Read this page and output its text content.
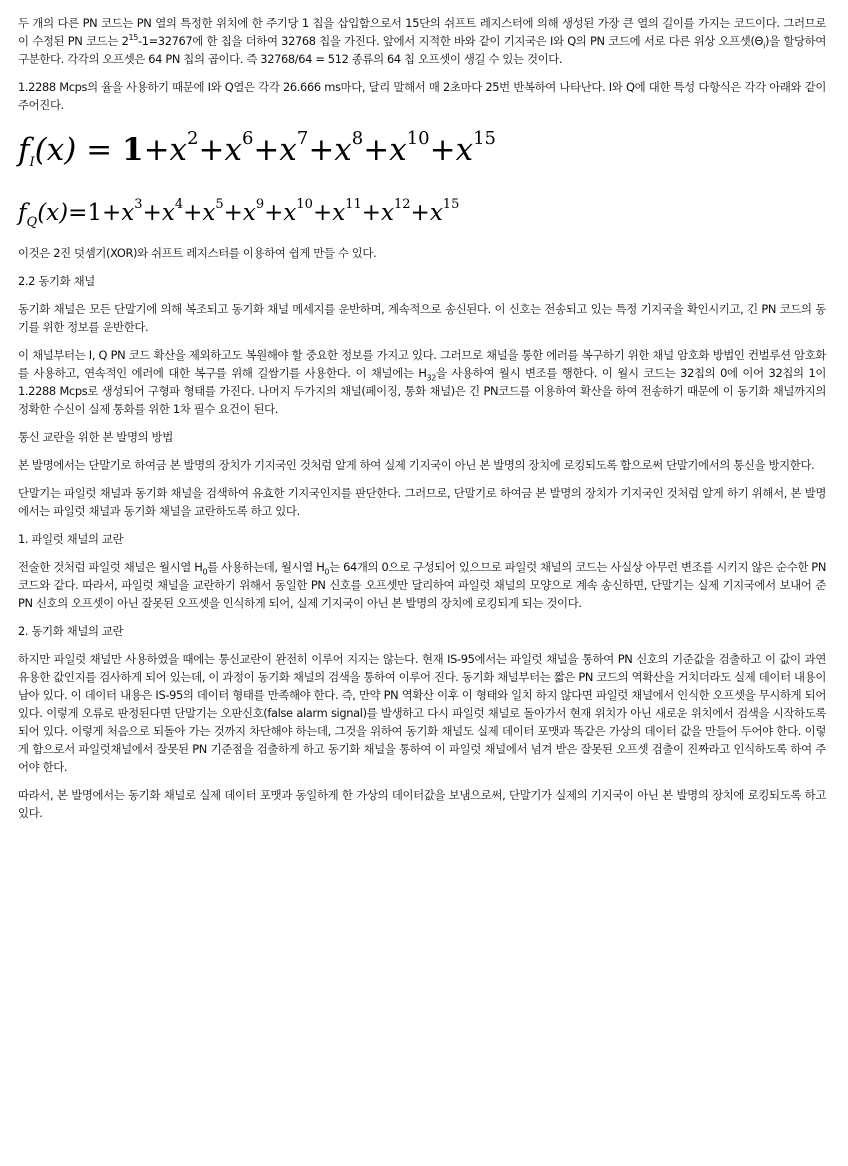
두 개의 다른 PN 코드는 PN 열의 특정한 위치에 한 주기당 1 칩을 삽입함으로서 15단의 쉬프트 레지스터에 의해 생성된 가장 큰 열의 길이를 가지는 코드이다. 그러므로 이 수정된 PN 코드는 $2^{15}-1=32767$에 한 칩을 더하여 32768 칩을 가진다. 앞에서 지적한 바와 같이 기지국은 I와 Q의 PN 코드에 서로 다른 위상 오프셋$(\Theta_i)$을 할당하여 구분한다. 각각의 오프셋은 64 PN 칩의 곱이다. 즉 32768/64 = 512 종류의 64 칩 오프셋이 생길 수 있는 것이다.

1.2288 Mcps의 율을 사용하기 때문에 I와 Q열은 각각 26.666 ms마다, 달리 말해서 매 2초마다 25번 반복하여 나타난다. I와 Q에 대한 특성 다항식은 각각 아래와 같이 주어진다.

$fI(x) = 1+x^2+x^6+x^7+x^8+x^{10}+x^{15}$
$f_Q(x)=1+x^3+x^4+x^5+x^9+x^{10}+x^{11}+x^{12}+x^{15}$

이것은 2진 덧셈기(XOR)와 쉬프트 레지스터를 이용하여 쉽게 만들 수 있다.

2.2 동기화 채널

동기화 채널은 모든 단말기에 의해 복조되고 동기화 채널 메세지를 운반하며, 계속적으로 송신된다. 이 신호는 전송되고 있는 특정 기지국을 확인시키고, 긴 PN 코드의 동기를 위한 정보를 운반한다.

이 채널부터는 I, Q PN 코드 확산을 제외하고도 복원해야 할 중요한 정보를 가지고 있다. 그러므로 채널을 통한 에러를 복구하기 위한 채널 암호화 방법인 컨벌루션 암호화를 사용하고, 연속적인 에러에 대한 복구를 위해 길쌈기를 사용한다. 이 채널에는 $H_{32}$을 사용하여 월시 변조를 행한다. 이 월시 코드는 32칩의 0에 이어 32칩의 1이 1.2288 Mcps로 생성되어 구형파 형태를 가진다. 나머지 두가지의 채널(페이징, 통화 채널)은 긴 PN코드를 이용하여 확산을 하여 전송하기 때문에 이 동기화 채널까지의 정확한 수신이 실제 통화를 위한 1차 필수 요건이 된다.

통신 교란을 위한 본 발명의 방법

본 발명에서는 단말기로 하여금 본 발명의 장치가 기지국인 것처럼 알게 하여 실제 기지국이 아닌 본 발명의 장치에 로킹되도록 함으로써 단말기에서의 통신을 방지한다.

단말기는 파일럿 채널과 동기화 채널을 검색하여 유효한 기지국인지를 판단한다. 그러므로, 단말기로 하여금 본 발명의 장치가 기지국인 것처럼 알게 하기 위해서, 본 발명에서는 파일럿 채널과 동기화 채널을 교란하도록 하고 있다.

1. 파일럿 채널의 교란

전술한 것처럼 파일럿 채널은 월시열 $H_0$를 사용하는데, 월시열 $H_0$는 64개의 0으로 구성되어 있으므로 파일럿 채널의 코드는 사실상 아무런 변조를 시키지 않은 순수한 PN 코드와 같다. 따라서, 파일럿 채널을 교란하기 위해서 동일한 PN 신호를 오프셋만 달리하여 파일럿 채널의 모양으로 계속 송신하면, 단말기는 실제 기지국에서 보내어 준 PN 신호의 오프셋이 아닌 잘못된 오프셋을 인식하게 되어, 실제 기지국이 아닌 본 발명의 장치에 로킹되게 되는 것이다.

2. 동기화 채널의 교란

하지만 파일럿 채널만 사용하였을 때에는 통신교란이 완전히 이루어 지지는 않는다. 현재 IS-95에서는 파일럿 채널을 통하여 PN 신호의 기준값을 검출하고 이 값이 과연 유용한 값인지를 검사하게 되어 있는데, 이 과정이 동기화 채널의 검색을 통하여 이루어 진다. 동기화 채널부터는 짧은 PN 코드의 역확산을 거치더라도 실제 데이터 내용이 남아 있다. 이 데이터 내용은 IS-95의 데이터 형태를 만족해야 한다. 즉, 만약 PN 역확산 이후 이 형태와 일치 하지 않다면 파일럿 채널에서 인식한 오프셋을 무시하게 되어 있다. 이렇게 오류로 판정된다면 단말기는 오판신호(false alarm signal)를 발생하고 다시 파일럿 채널로 돌아가서 현재 위치가 아닌 새로운 위치에서 검색을 시작하도록 되어 있다. 이렇게 처음으로 되돌아 가는 것까지 차단해야 하는데, 그것을 위하여 동기화 채널도 실제 데이터 포맷과 똑같은 가상의 데이터 값을 만들어 두어야 한다. 이렇게 함으로서 파일럿채널에서 잘못된 PN 기준점을 검출하게 하고 동기화 채널을 통하여 이 파일럿 채널에서 넘겨 받은 잘못된 오프셋 검출이 진짜라고 인식하도록 하여 주어야 한다.

따라서, 본 발명에서는 동기화 채널로 실제 데이터 포맷과 동일하게 한 가상의 데이터값을 보냄으로써, 단말기가 실제의 기지국이 아닌 본 발명의 장치에 로킹되도록 하고 있다.
